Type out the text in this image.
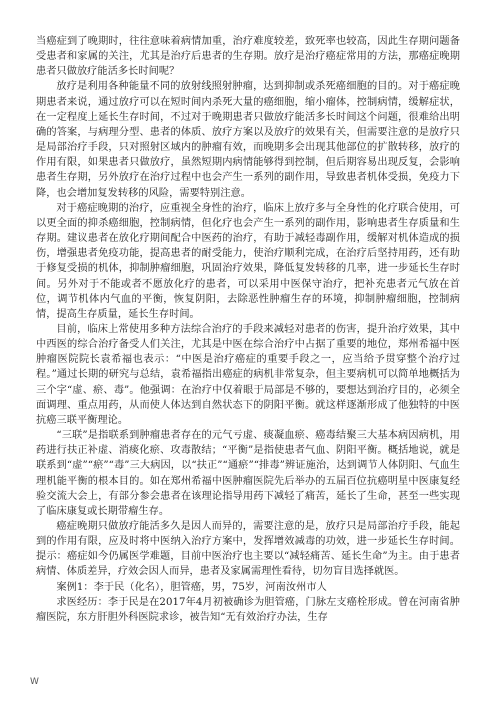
当癌症到了晚期时，往往意味着病情加重，治疗难度较差，致死率也较高，因此生存期问题备受患者和家属的关注，尤其是治疗后患者的生存期。放疗是治疗癌症常用的方法，那癌症晚期患者只做放疗能活多长时间呢？

放疗是利用各种能量不同的放射线照射肿瘤，达到抑制或杀死癌细胞的目的。对于癌症晚期患者来说，通过放疗可以在短时间内杀死大量的癌细胞，缩小瘤体，控制病情，缓解症状，在一定程度上延长生存时间，不过对于晚期患者只做放疗能活多长时间这个问题，很难给出明确的答案，与病理分型、患者的体质、放疗方案以及放疗的效果有关，但需要注意的是放疗只是局部治疗手段，只对照射区域内的肿瘤有效，而晚期多会出现其他部位的扩散转移，放疗的作用有限，如果患者只做放疗，虽然短期内病情能够得到控制，但后期容易出现反复，会影响患者生存期，另外放疗在治疗过程中也会产生一系列的副作用，导致患者机体受损，免疫力下降，也会增加复发转移的风险，需要特别注意。

对于癌症晚期的治疗，应重视全身性的治疗，临床上放疗多与全身性的化疗联合使用，可以更全面的抑杀癌细胞，控制病情，但化疗也会产生一系列的副作用，影响患者生存质量和生存期。建议患者在放化疗期间配合中医药的治疗，有助于减轻毒副作用，缓解对机体造成的损伤，增强患者免疫功能，提高患者的耐受能力，使治疗顺利完成，在治疗后坚持用药，还有助于修复受损的机体，抑制肿瘤细胞，巩固治疗效果，降低复发转移的几率，进一步延长生存时间。另外对于不能或者不愿放化疗的患者，可以采用中医保守治疗，把补充患者元气放在首位，调节机体内气血的平衡，恢复阴阳，去除恶性肿瘤生存的环境，抑制肿瘤细胞，控制病情，提高生存质量，延长生存时间。

目前，临床上常使用多种方法综合治疗的手段来减轻对患者的伤害，提升治疗效果，其中中西医的综合治疗备受人们关注，尤其是中医在综合治疗中占据了重要的地位，郑州希福中医肿瘤医院院长袁希福也表示：“中医是治疗癌症的重要手段之一，应当给予贯穿整个治疗过程。”通过长期的研究与总结，袁希福指出癌症的病机非常复杂，但主要病机可以简单地概括为三个字“虚、瘀、毒”。他强调：在治疗中仅着眼于局部是不够的，要想达到治疗目的，必须全面调理、重点用药，从而使人体达到自然状态下的阴阳平衡。就这样逐渐形成了他独特的中医抗癌三联平衡理论。

“三联”是指联系到肿瘤患者存在的元气亏虚、痰凝血瘀、癌毒结聚三大基本病因病机，用药进行扶正补虚、消痰化瘀、攻毒散结；“平衡”是指使患者气血、阴阳平衡。概括地说，就是联系到“虚”“瘀”“毒”三大病因，以“扶正”“通瘀”“排毒”辨证施治，达到调节人体阴阳、气血生理机能平衡的根本目的。如在郑州希福中医肿瘤医院先后举办的五届百位抗癌明星中医康复经验交流大会上，有部分参会患者在该理论指导用药下减轻了痛苦，延长了生命，甚至一些实现了临床康复或长期带瘤生存。

癌症晚期只做放疗能活多久是因人而异的，需要注意的是，放疗只是局部治疗手段，能起到的作用有限，应及时将中医纳入治疗方案中，发挥增效减毒的功效，进一步延长生存时间。 提示：癌症如今仍属医学难题，目前中医治疗也主要以“减轻痛苦、延长生命”为主。由于患者病情、体质差异，疗效会因人而异，患者及家属需理性看待，切勿盲目选择就医。

案例1：李于民（化名），胆管癌，男，75岁，河南汝州市人

求医经历：李于民是在2017年4月初被确诊为胆管癌，门脉左支癌栓形成。曾在河南省肿瘤医院，东方肝胆外科医院求诊，被告知“无有效治疗办法，生存

W
